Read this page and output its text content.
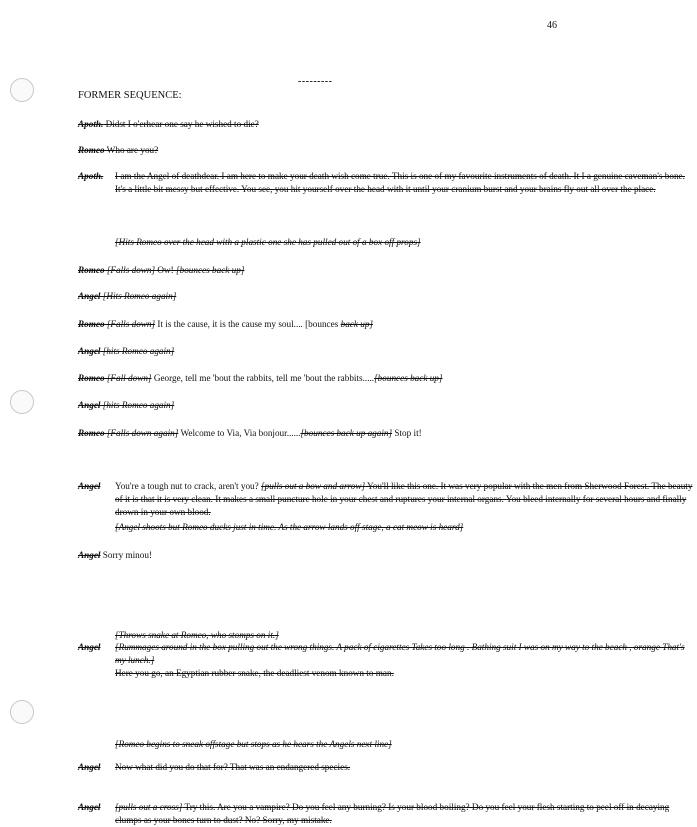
46
---------
FORMER SEQUENCE:
Apoth. Didst I o'erhear one say he wished to die?
Romeo Who are you?
Apoth. I am the Angel of deathdear. I am here to make your death wish come true. This is one of my favourite instruments of death. It I a genuine caveman's bone. It's a little bit messy but effective. You see, you hit yourself over the head with it until your cranium burst and your brains fly out all over the place.
[Hits Romeo over the head with a plastic one she has pulled out of a box off props]
Romeo [Falls down] Ow! [bounces back up]
Angel [Hits Romeo again]
Romeo [Falls down] It is the cause, it is the cause my soul.... [bounces back up]
Angel [hits Romeo again]
Romeo [Fall down] George, tell me 'bout the rabbits, tell me 'bout the rabbits.....[bounces back up]
Angel [hits Romeo again]
Romeo [Falls down again] Welcome to Via, Via bonjour......[bounces back up again] Stop it!
Angel You're a tough nut to crack, aren't you? [pulls out a bow and arrow] You'll like this one. It was very popular with the men from Sherwood Forest. The beauty of it is that it is very clean. It makes a small puncture hole in your chest and ruptures your internal organs. You bleed internally for several hours and finally drown in your own blood.
[Angel shoots but Romeo ducks just in time. As the arrow lands off stage, a cat meow is heard]
Angel Sorry minou!
Angel [Rummages around in the box pulling out the wrong things. A pack of cigarettes Takes too long . Bathing suit I was on my way to the beach , orange That's my lunch.]
Here you go, an Egyptian rubber snake, the deadliest venom known to man.
[Throws snake at Romeo, who stomps on it.]
Angel Now what did you do that for? That was an endangered species.
Angel [pulls out a cross] Try this. Are you a vampire? Do you feel any burning? Is your blood boiling? Do you feel your flesh starting to peel off in decaying clumps as your bones turn to dust? No? Sorry, my mistake.
[Romeo begins to sneak offstage but stops as he hears the Angels next line]
